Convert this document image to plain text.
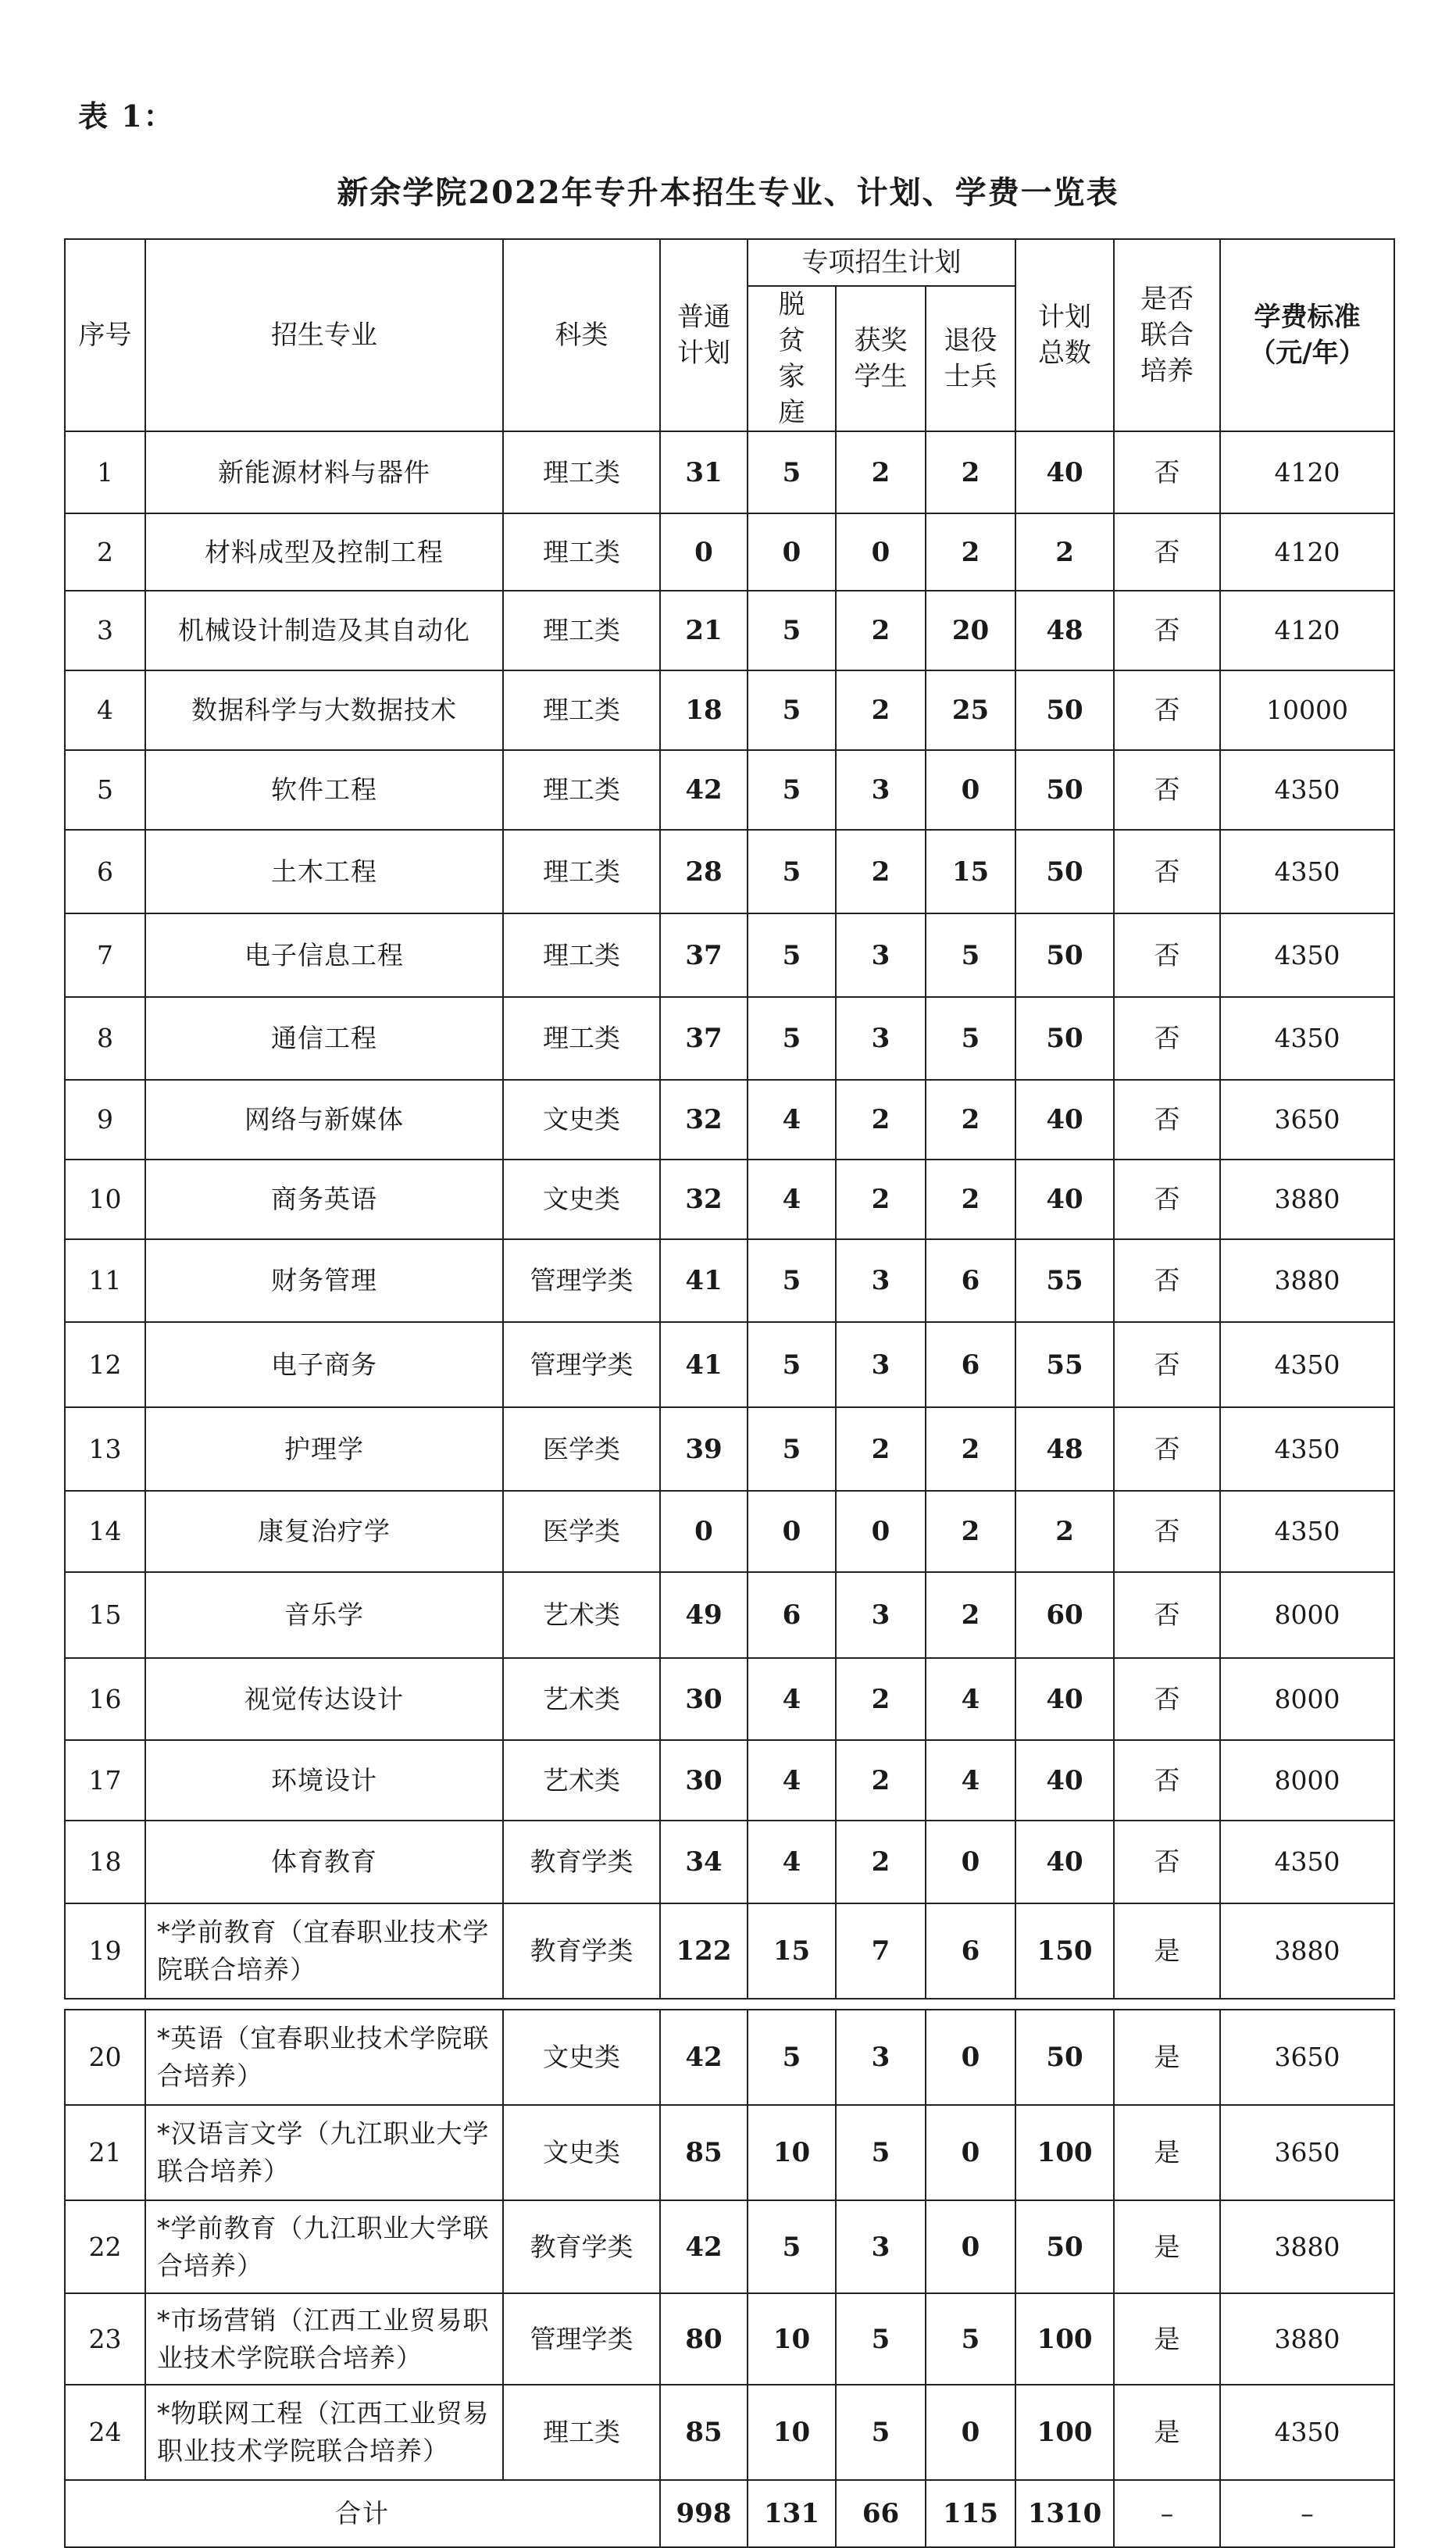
表 1：
新余学院2022年专升本招生专业、计划、学费一览表
序号	招生专业	科类	普通计划	专项招生计划			计划总数	是否联合培养	学费标准（元/年）
				脱贫家庭	获奖学生	退役士兵			
1	新能源材料与器件	理工类	31	5	2	2	40	否	4120
2	材料成型及控制工程	理工类	0	0	0	2	2	否	4120
3	机械设计制造及其自动化	理工类	21	5	2	20	48	否	4120
4	数据科学与大数据技术	理工类	18	5	2	25	50	否	10000
5	软件工程	理工类	42	5	3	0	50	否	4350
6	土木工程	理工类	28	5	2	15	50	否	4350
7	电子信息工程	理工类	37	5	3	5	50	否	4350
8	通信工程	理工类	37	5	3	5	50	否	4350
9	网络与新媒体	文史类	32	4	2	2	40	否	3650
10	商务英语	文史类	32	4	2	2	40	否	3880
11	财务管理	管理学类	41	5	3	6	55	否	3880
12	电子商务	管理学类	41	5	3	6	55	否	4350
13	护理学	医学类	39	5	2	2	48	否	4350
14	康复治疗学	医学类	0	0	0	2	2	否	4350
15	音乐学	艺术类	49	6	3	2	60	否	8000
16	视觉传达设计	艺术类	30	4	2	4	40	否	8000
17	环境设计	艺术类	30	4	2	4	40	否	8000
18	体育教育	教育学类	34	4	2	0	40	否	4350
19	*学前教育（宜春职业技术学院联合培养）	教育学类	122	15	7	6	150	是	3880

20	*英语（宜春职业技术学院联合培养）	文史类	42	5	3	0	50	是	3650
21	*汉语言文学（九江职业大学联合培养）	文史类	85	10	5	0	100	是	3650
22	*学前教育（九江职业大学联合培养）	教育学类	42	5	3	0	50	是	3880
23	*市场营销（江西工业贸易职业技术学院联合培养）	管理学类	80	10	5	5	100	是	3880
24	*物联网工程（江西工业贸易职业技术学院联合培养）	理工类	85	10	5	0	100	是	4350
合计			998	131	66	115	1310	–	–
